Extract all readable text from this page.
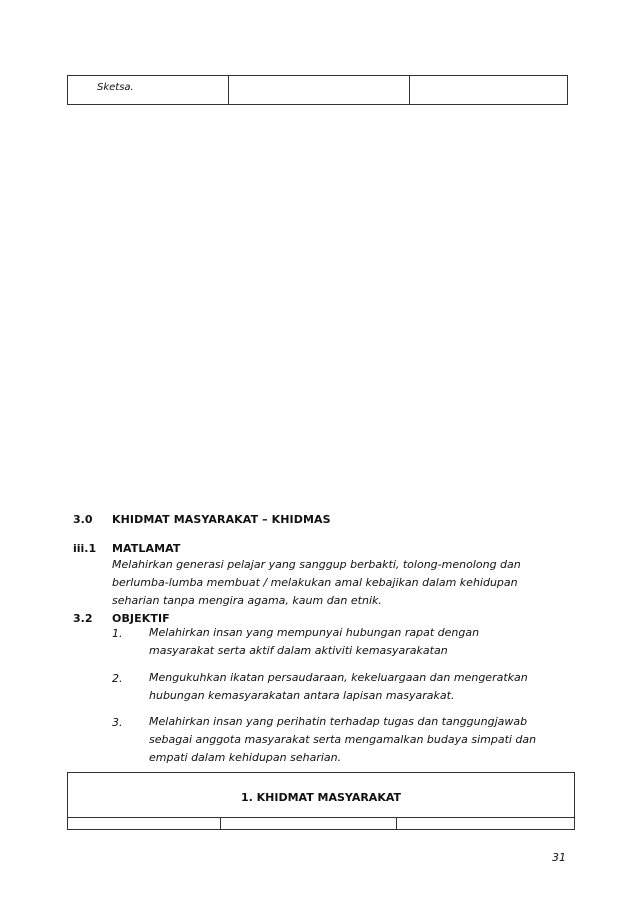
Sketsa.
3.0 KHIDMAT MASYARAKAT – KHIDMAS
iii.1 MATLAMAT
Melahirkan generasi pelajar yang sanggup berbakti, tolong-menolong dan
berlumba-lumba membuat / melakukan amal kebajikan dalam kehidupan
seharian tanpa mengira agama, kaum dan etnik.
3.2 OBJEKTIF
1. Melahirkan insan yang mempunyai hubungan rapat dengan
masyarakat serta aktif dalam aktiviti kemasyarakatan
2. Mengukuhkan ikatan persaudaraan, kekeluargaan dan mengeratkan
hubungan kemasyarakatan antara lapisan masyarakat.
3. Melahirkan insan yang perihatin terhadap tugas dan tanggungjawab
sebagai anggota masyarakat serta mengamalkan budaya simpati dan
empati dalam kehidupan seharian.
1. KHIDMAT MASYARAKAT
31
